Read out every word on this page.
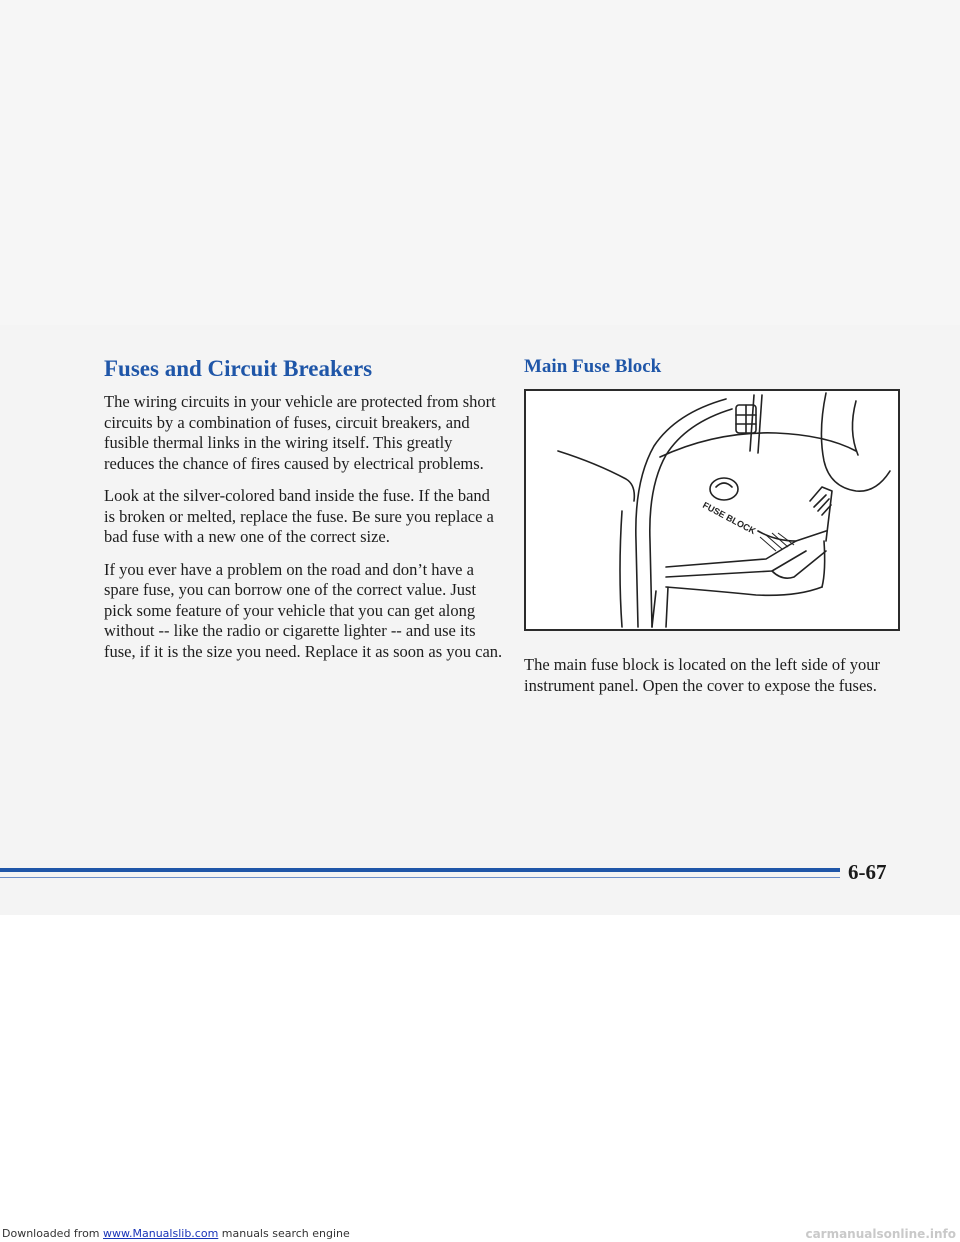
Fuses and Circuit Breakers

The wiring circuits in your vehicle are protected from short circuits by a combination of fuses, circuit breakers, and fusible thermal links in the wiring itself. This greatly reduces the chance of fires caused by electrical problems.

Look at the silver-colored band inside the fuse. If the band is broken or melted, replace the fuse. Be sure you replace a bad fuse with a new one of the correct size.

If you ever have a problem on the road and don’t have a spare fuse, you can borrow one of the correct value. Just pick some feature of your vehicle that you can get along without -- like the radio or cigarette lighter -- and use its fuse, if it is the size you need. Replace it as soon as you can.

Main Fuse Block
FUSE BLOCK

The main fuse block is located on the left side of your instrument panel. Open the cover to expose the fuses.

6-67
Downloaded from www.Manualslib.com manuals search engine	carmanualsonline.info
